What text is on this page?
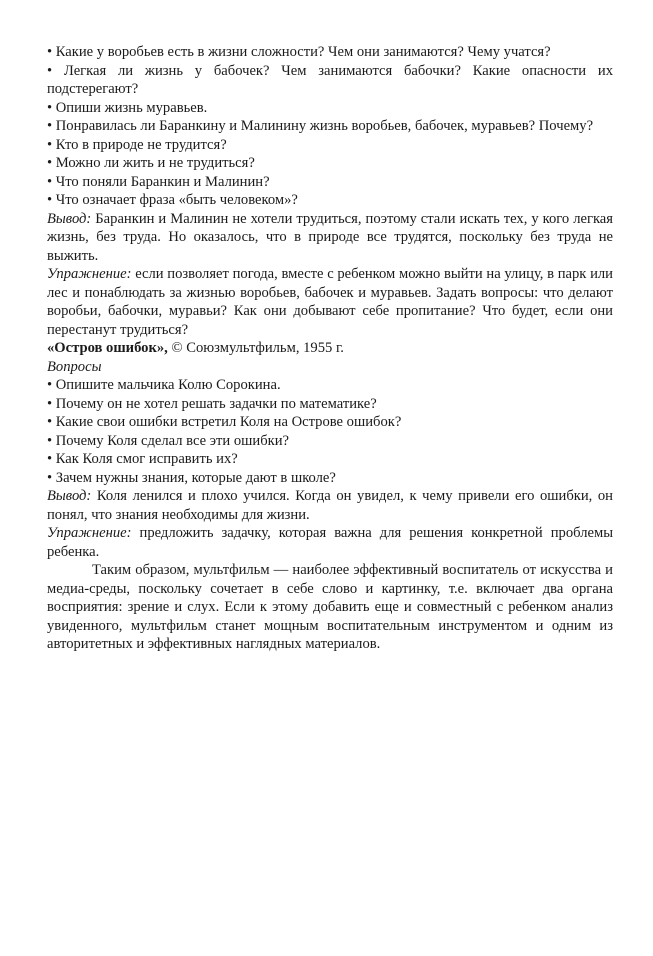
• Какие у воробьев есть в жизни сложности? Чем они занимаются? Чему учатся?

• Легкая ли жизнь у бабочек? Чем занимаются бабочки? Какие опасности их подстерегают?

• Опиши жизнь муравьев.

• Понравилась ли Баранкину и Малинину жизнь воробьев, бабочек, муравьев? Почему?

• Кто в природе не трудится?

• Можно ли жить и не трудиться?

• Что поняли Баранкин и Малинин?

• Что означает фраза «быть человеком»?

Вывод: Баранкин и Малинин не хотели трудиться, поэтому стали искать тех, у кого легкая жизнь, без труда. Но оказалось, что в природе все трудятся, поскольку без труда не выжить.

Упражнение: если позволяет погода, вместе с ребенком можно выйти на улицу, в парк или лес и понаблюдать за жизнью воробьев, бабочек и муравьев. Задать вопросы: что делают воробьи, бабочки, муравьи? Как они добывают себе пропитание? Что будет, если они перестанут трудиться?

«Остров ошибок», © Союзмультфильм, 1955 г.

Вопросы

• Опишите мальчика Колю Сорокина.

• Почему он не хотел решать задачки по математике?

• Какие свои ошибки встретил Коля на Острове ошибок?

• Почему Коля сделал все эти ошибки?

• Как Коля смог исправить их?

• Зачем нужны знания, которые дают в школе?

Вывод: Коля ленился и плохо учился. Когда он увидел, к чему привели его ошибки, он понял, что знания необходимы для жизни.

Упражнение: предложить задачку, которая важна для решения конкретной проблемы ребенка.

Таким образом, мультфильм — наиболее эффективный воспитатель от искусства и медиа-среды, поскольку сочетает в себе слово и картинку, т.е. включает два органа восприятия: зрение и слух. Если к этому добавить еще и совместный с ребенком анализ увиденного, мультфильм станет мощным воспитательным инструментом и одним из авторитетных и эффективных наглядных материалов.
